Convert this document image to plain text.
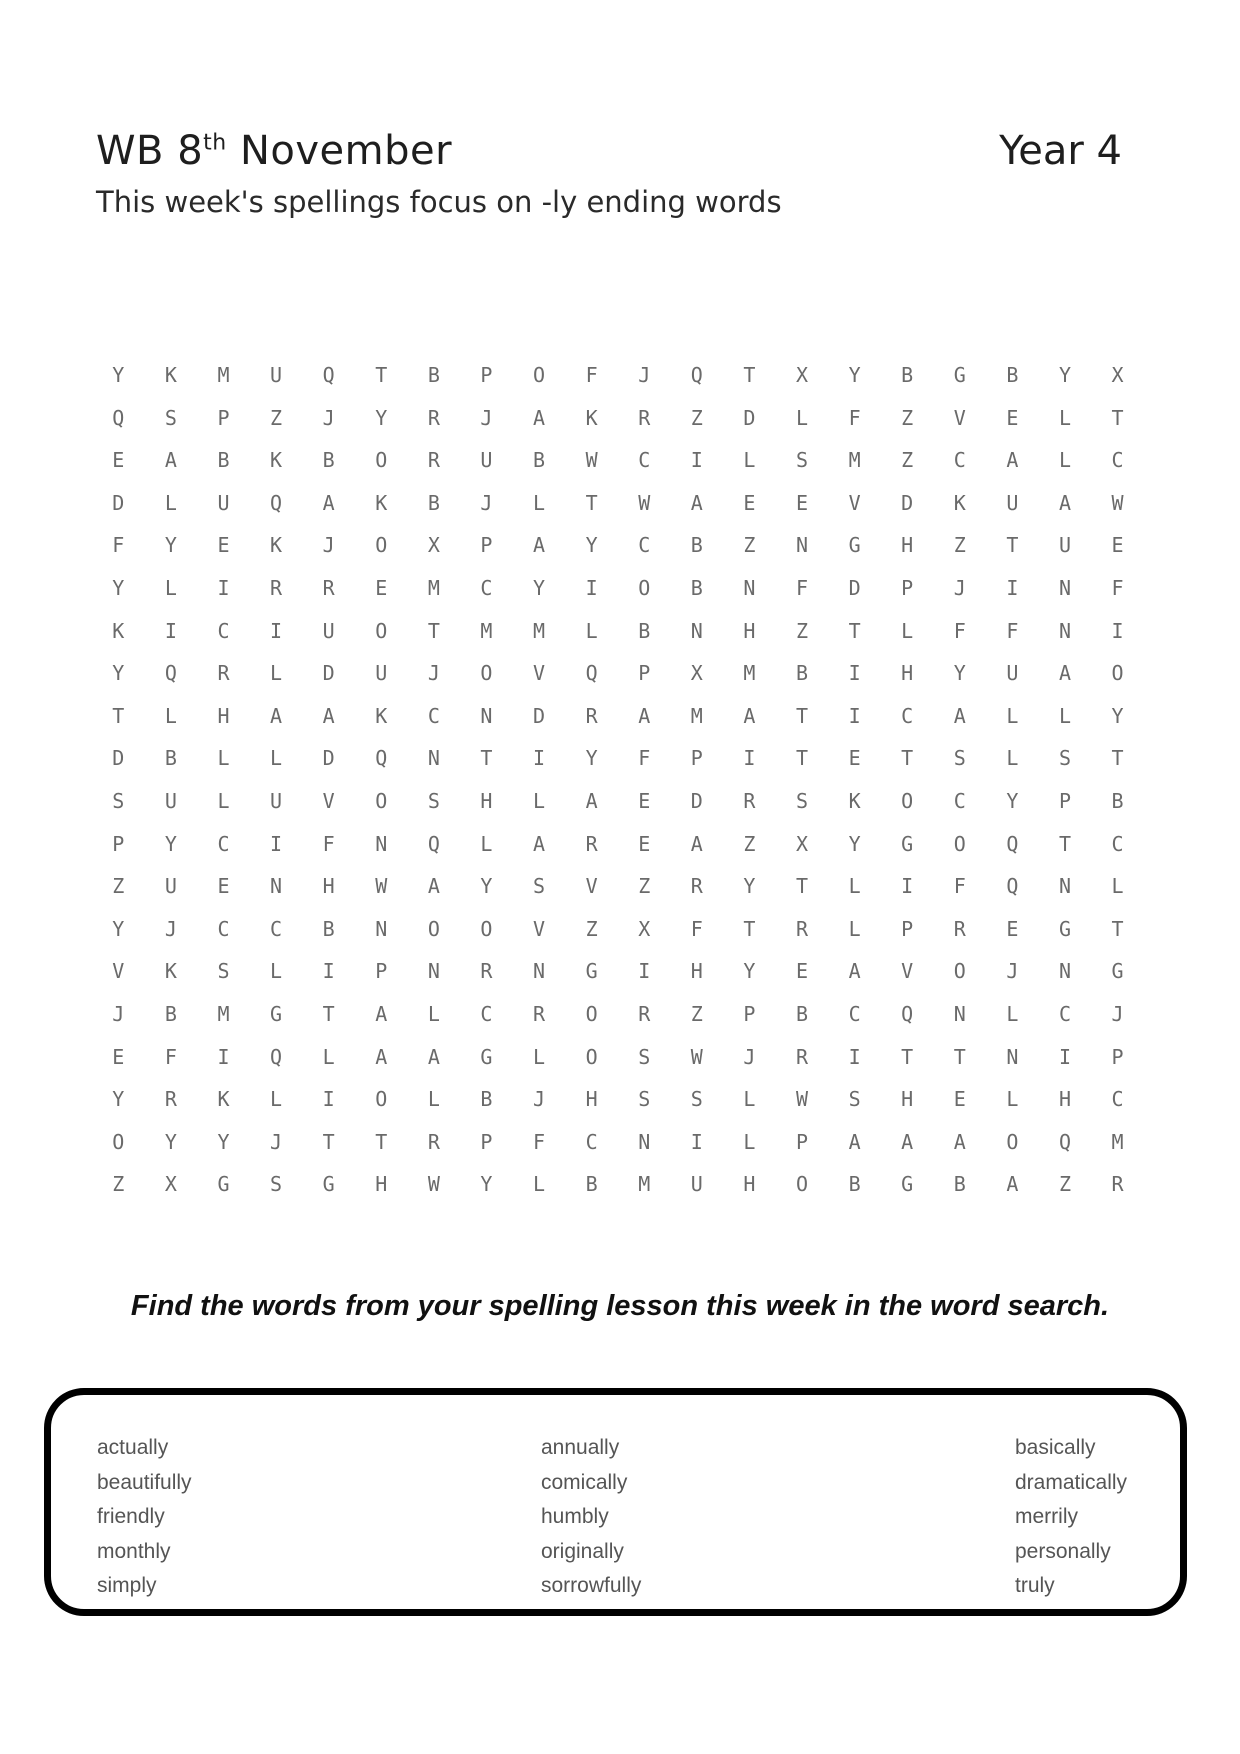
WB 8th November	Year 4
This week's spellings focus on -ly ending words
Y	K	M	U	Q	T	B	P	O	F	J	Q	T	X	Y	B	G	B	Y	X
Q	S	P	Z	J	Y	R	J	A	K	R	Z	D	L	F	Z	V	E	L	T
E	A	B	K	B	O	R	U	B	W	C	I	L	S	M	Z	C	A	L	C
D	L	U	Q	A	K	B	J	L	T	W	A	E	E	V	D	K	U	A	W
F	Y	E	K	J	O	X	P	A	Y	C	B	Z	N	G	H	Z	T	U	E
Y	L	I	R	R	E	M	C	Y	I	O	B	N	F	D	P	J	I	N	F
K	I	C	I	U	O	T	M	M	L	B	N	H	Z	T	L	F	F	N	I
Y	Q	R	L	D	U	J	O	V	Q	P	X	M	B	I	H	Y	U	A	O
T	L	H	A	A	K	C	N	D	R	A	M	A	T	I	C	A	L	L	Y
D	B	L	L	D	Q	N	T	I	Y	F	P	I	T	E	T	S	L	S	T
S	U	L	U	V	O	S	H	L	A	E	D	R	S	K	O	C	Y	P	B
P	Y	C	I	F	N	Q	L	A	R	E	A	Z	X	Y	G	O	Q	T	C
Z	U	E	N	H	W	A	Y	S	V	Z	R	Y	T	L	I	F	Q	N	L
Y	J	C	C	B	N	O	O	V	Z	X	F	T	R	L	P	R	E	G	T
V	K	S	L	I	P	N	R	N	G	I	H	Y	E	A	V	O	J	N	G
J	B	M	G	T	A	L	C	R	O	R	Z	P	B	C	Q	N	L	C	J
E	F	I	Q	L	A	A	G	L	O	S	W	J	R	I	T	T	N	I	P
Y	R	K	L	I	O	L	B	J	H	S	S	L	W	S	H	E	L	H	C
O	Y	Y	J	T	T	R	P	F	C	N	I	L	P	A	A	A	O	Q	M
Z	X	G	S	G	H	W	Y	L	B	M	U	H	O	B	G	B	A	Z	R
Find the words from your spelling lesson this week in the word search.
actually
beautifully
friendly
monthly
simply
annually
comically
humbly
originally
sorrowfully
basically
dramatically
merrily
personally
truly
